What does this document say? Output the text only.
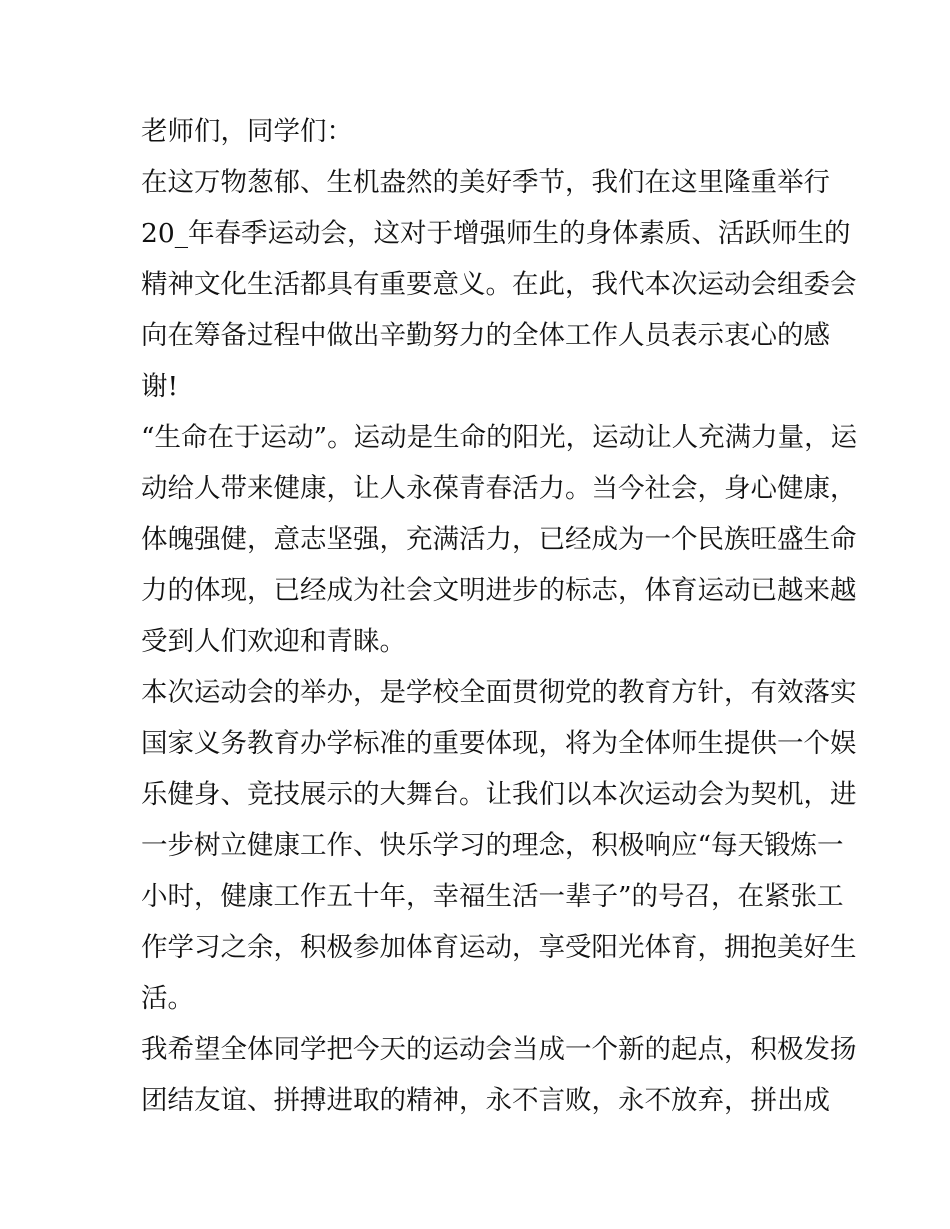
老师们，同学们：
在这万物葱郁、生机盎然的美好季节，我们在这里隆重举行
20_年春季运动会，这对于增强师生的身体素质、活跃师生的
精神文化生活都具有重要意义。在此，我代本次运动会组委会
向在筹备过程中做出辛勤努力的全体工作人员表示衷心的感
谢!
“生命在于运动”。运动是生命的阳光，运动让人充满力量，运
动给人带来健康，让人永葆青春活力。当今社会，身心健康，
体魄强健，意志坚强，充满活力，已经成为一个民族旺盛生命
力的体现，已经成为社会文明进步的标志，体育运动已越来越
受到人们欢迎和青睐。
本次运动会的举办，是学校全面贯彻党的教育方针，有效落实
国家义务教育办学标准的重要体现，将为全体师生提供一个娱
乐健身、竞技展示的大舞台。让我们以本次运动会为契机，进
一步树立健康工作、快乐学习的理念，积极响应“每天锻炼一
小时，健康工作五十年，幸福生活一辈子”的号召，在紧张工
作学习之余，积极参加体育运动，享受阳光体育，拥抱美好生
活。
我希望全体同学把今天的运动会当成一个新的起点，积极发扬
团结友谊、拼搏进取的精神，永不言败，永不放弃，拼出成
